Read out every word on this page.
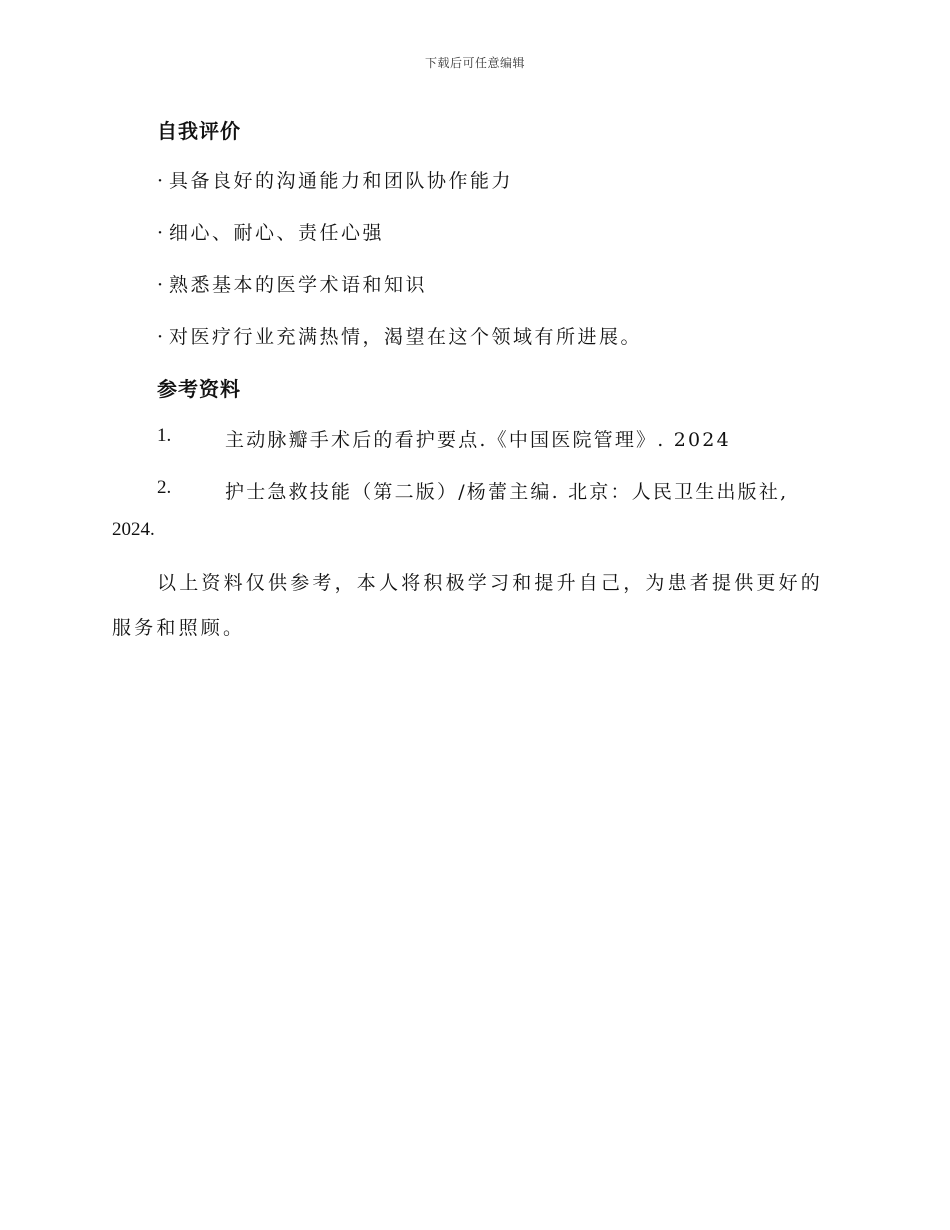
下载后可任意编辑
自我评价
· 具备良好的沟通能力和团队协作能力
· 细心、耐心、责任心强
· 熟悉基本的医学术语和知识
· 对医疗行业充满热情，渴望在这个领域有所进展。
参考资料
1.	主动脉瓣手术后的看护要点.《中国医院管理》. 2024
2.	护士急救技能（第二版）/杨蕾主编. 北京：人民卫生出版社,
2024.
以上资料仅供参考，本人将积极学习和提升自己，为患者提供更好的服务和照顾。
